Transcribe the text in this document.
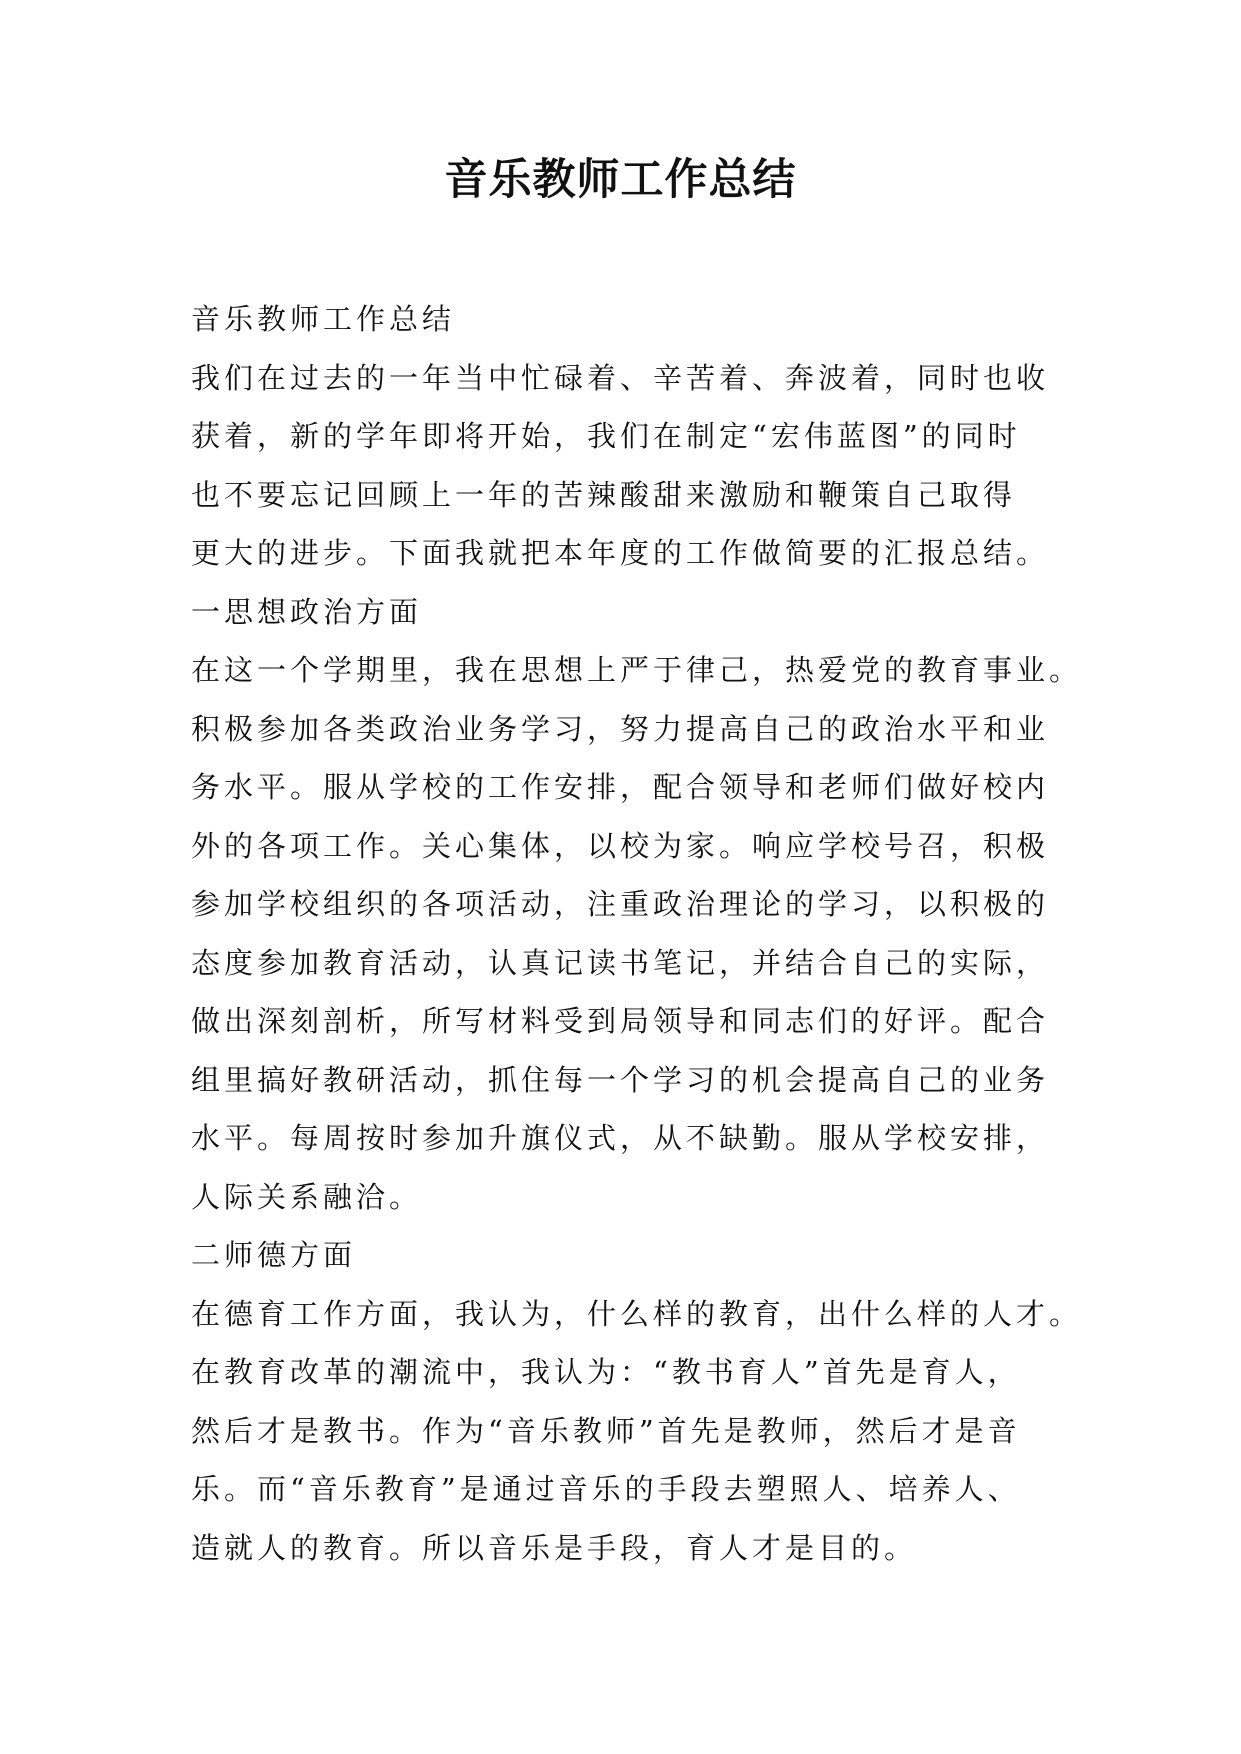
音乐教师工作总结
音乐教师工作总结
我们在过去的一年当中忙碌着、辛苦着、奔波着，同时也收
获着，新的学年即将开始，我们在制定“宏伟蓝图”的同时
也不要忘记回顾上一年的苦辣酸甜来激励和鞭策自己取得
更大的进步。下面我就把本年度的工作做简要的汇报总结。
一思想政治方面
在这一个学期里，我在思想上严于律己，热爱党的教育事业。
积极参加各类政治业务学习，努力提高自己的政治水平和业
务水平。服从学校的工作安排，配合领导和老师们做好校内
外的各项工作。关心集体，以校为家。响应学校号召，积极
参加学校组织的各项活动，注重政治理论的学习，以积极的
态度参加教育活动，认真记读书笔记，并结合自己的实际，
做出深刻剖析，所写材料受到局领导和同志们的好评。配合
组里搞好教研活动，抓住每一个学习的机会提高自己的业务
水平。每周按时参加升旗仪式，从不缺勤。服从学校安排，
人际关系融洽。
二师德方面
在德育工作方面，我认为，什么样的教育，出什么样的人才。
在教育改革的潮流中，我认为：“教书育人”首先是育人，
然后才是教书。作为“音乐教师”首先是教师，然后才是音
乐。而“音乐教育”是通过音乐的手段去塑照人、培养人、
造就人的教育。所以音乐是手段，育人才是目的。
